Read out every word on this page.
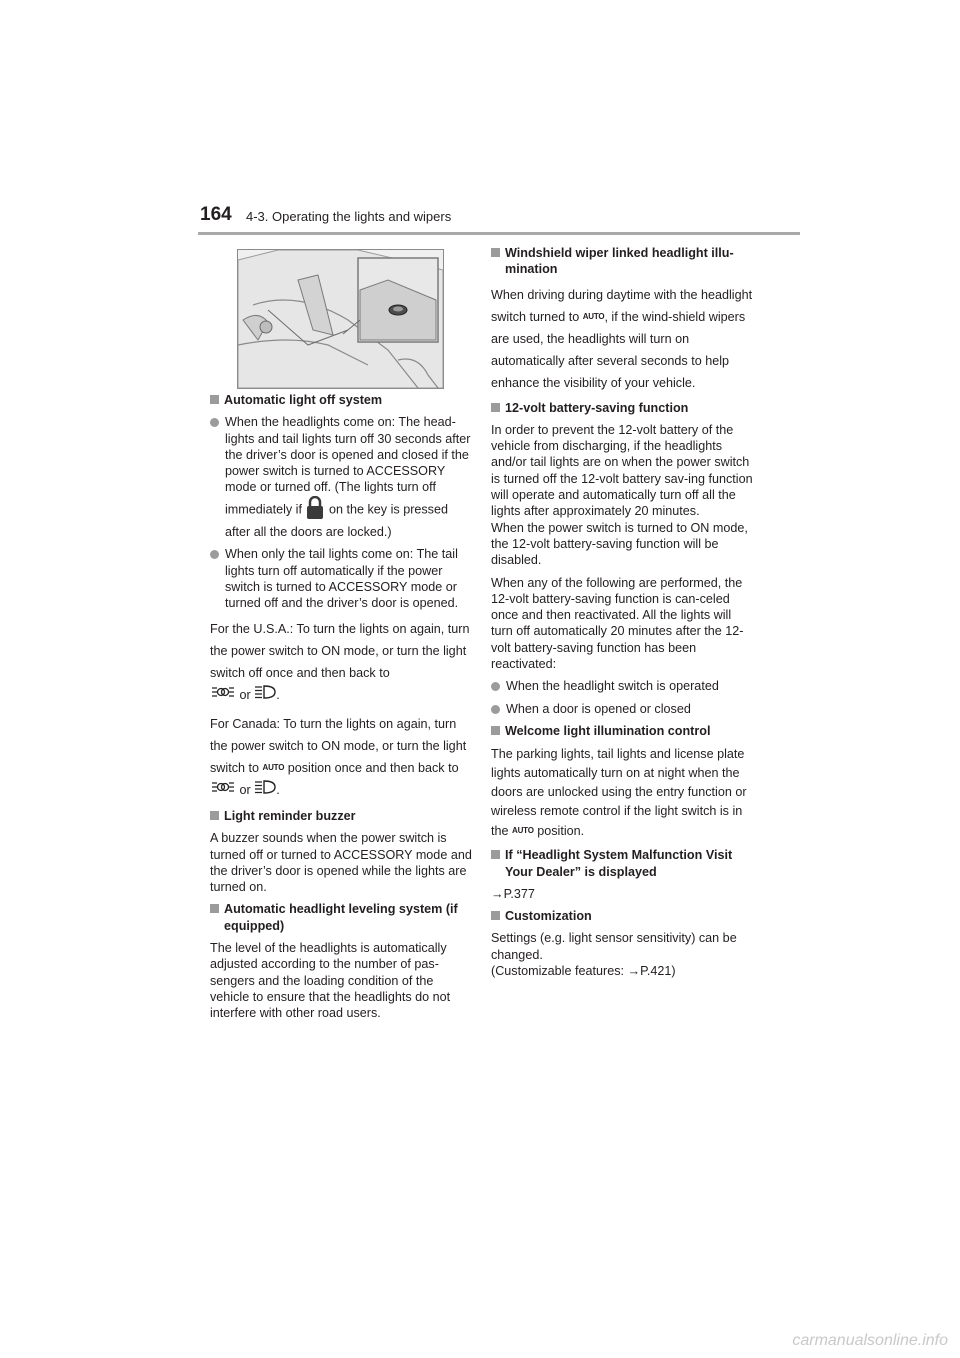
164 4-3. Operating the lights and wipers
Automatic light off system
When the headlights come on: The head-lights and tail lights turn off 30 seconds after the driver’s door is opened and closed if the power switch is turned to ACCESSORY mode or turned off. (The lights turn off immediately if on the key is pressed after all the doors are locked.)
When only the tail lights come on: The tail lights turn off automatically if the power switch is turned to ACCESSORY mode or turned off and the driver’s door is opened.

For the U.S.A.: To turn the lights on again, turn the power switch to ON mode, or turn the light switch off once and then back to
or .

For Canada: To turn the lights on again, turn the power switch to ON mode, or turn the light switch to AUTO position once and then back to  or .

Light reminder buzzer

A buzzer sounds when the power switch is turned off or turned to ACCESSORY mode and the driver’s door is opened while the lights are turned on.

Automatic headlight leveling system (if equipped)

The level of the headlights is automatically adjusted according to the number of pas-sengers and the loading condition of the vehicle to ensure that the headlights do not interfere with other road users.

Windshield wiper linked headlight illu-mination

When driving during daytime with the headlight switch turned to AUTO, if the wind-shield wipers are used, the headlights will turn on automatically after several seconds to help enhance the visibility of your vehicle.

12-volt battery-saving function

In order to prevent the 12-volt battery of the vehicle from discharging, if the headlights and/or tail lights are on when the power switch is turned off the 12-volt battery sav-ing function will operate and automatically turn off all the lights after approximately 20 minutes.

When the power switch is turned to ON mode, the 12-volt battery-saving function will be disabled.

When any of the following are performed, the 12-volt battery-saving function is can-celed once and then reactivated. All the lights will turn off automatically 20 minutes after the 12-volt battery-saving function has been reactivated:

When the headlight switch is operated
When a door is opened or closed
Welcome light illumination control

The parking lights, tail lights and license plate lights automatically turn on at night when the doors are unlocked using the entry function or wireless remote control if the light switch is in the AUTO position.

If “Headlight System Malfunction Visit Your Dealer” is displayed

→P.377

Customization

Settings (e.g. light sensor sensitivity) can be changed.

(Customizable features: →P.421)

carmanualsonline.info
